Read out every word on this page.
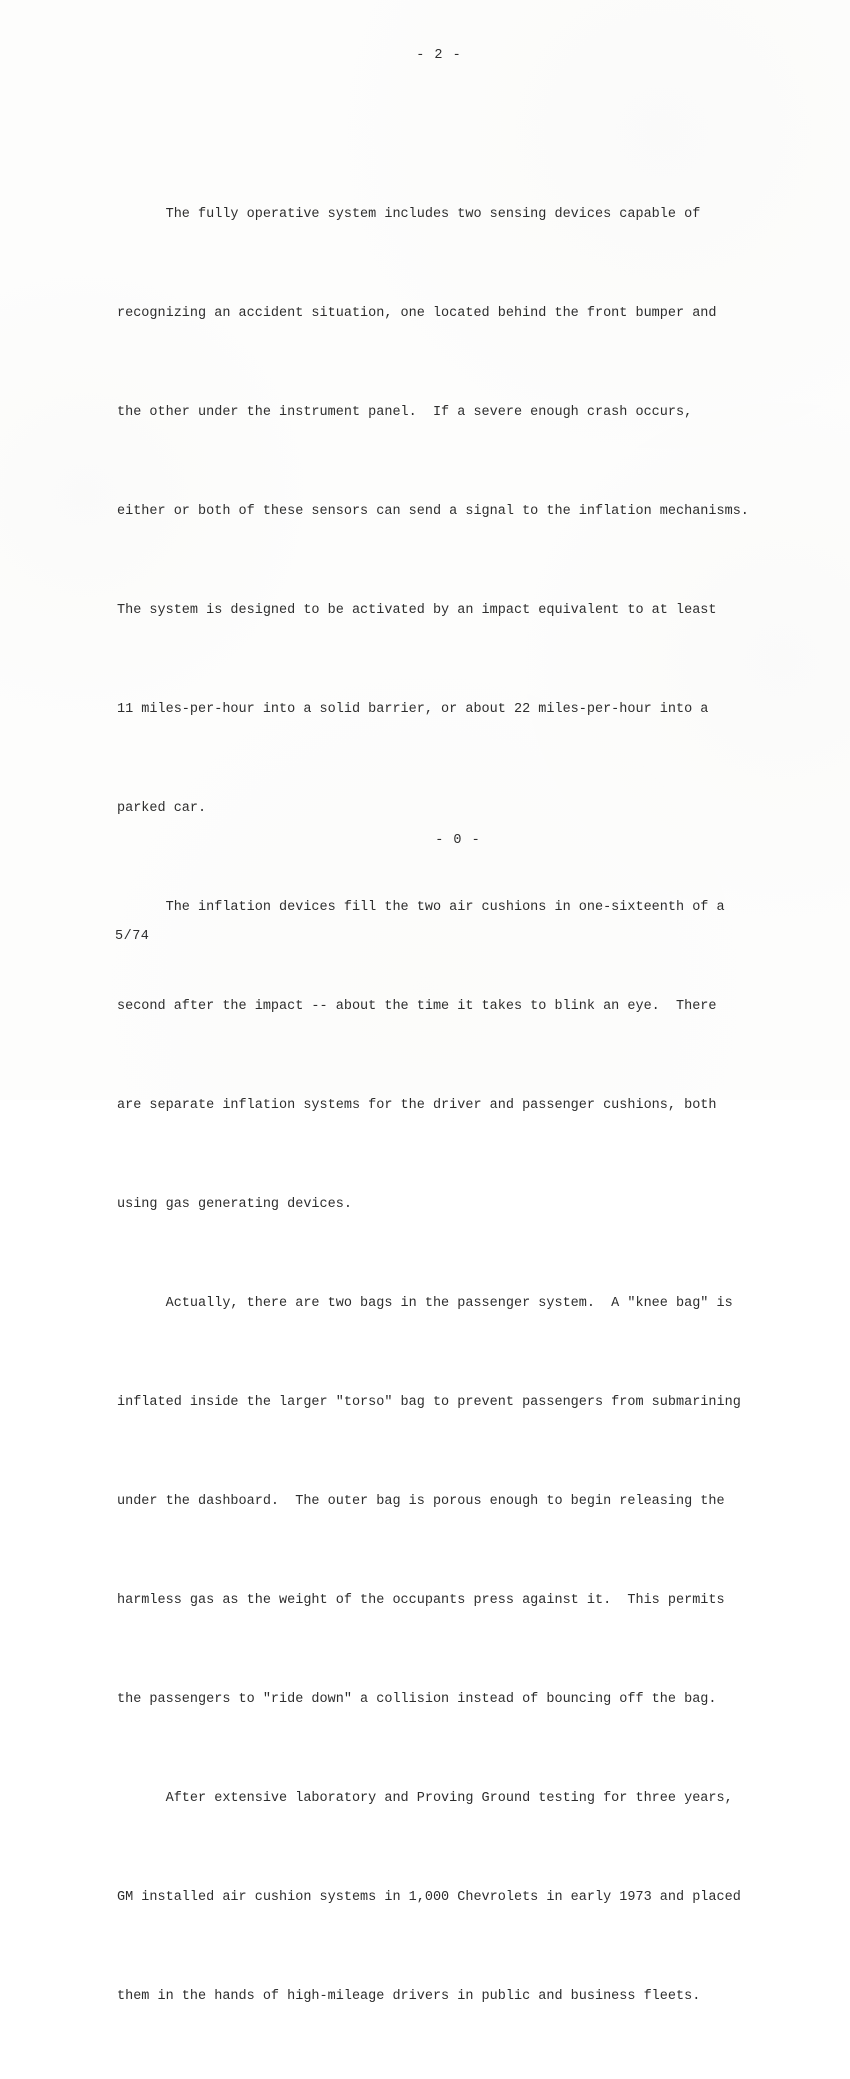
- 2 -

The fully operative system includes two sensing devices capable of

recognizing an accident situation, one located behind the front bumper and

the other under the instrument panel.  If a severe enough crash occurs,

either or both of these sensors can send a signal to the inflation mechanisms.

The system is designed to be activated by an impact equivalent to at least

11 miles-per-hour into a solid barrier, or about 22 miles-per-hour into a

parked car.

The inflation devices fill the two air cushions in one-sixteenth of a

second after the impact -- about the time it takes to blink an eye.  There

are separate inflation systems for the driver and passenger cushions, both

using gas generating devices.

Actually, there are two bags in the passenger system.  A "knee bag" is

inflated inside the larger "torso" bag to prevent passengers from submarining

under the dashboard.  The outer bag is porous enough to begin releasing the

harmless gas as the weight of the occupants press against it.  This permits

the passengers to "ride down" a collision instead of bouncing off the bag.

After extensive laboratory and Proving Ground testing for three years,

GM installed air cushion systems in 1,000 Chevrolets in early 1973 and placed

them in the hands of high-mileage drivers in public and business fleets.

- 0 -
5/74
